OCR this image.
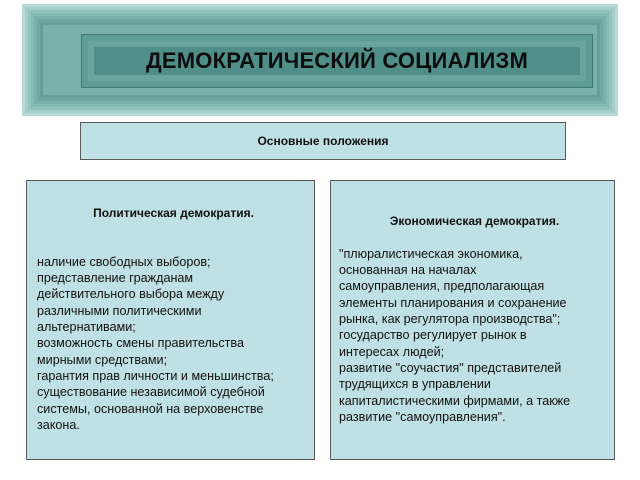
ДЕМОКРАТИЧЕСКИЙ СОЦИАЛИЗМ
Основные положения

Политическая демократия.

наличие свободных выборов;
представление гражданам
действительного выбора между
различными политическими
альтернативами;
возможность смены правительства
мирными средствами;
гарантия прав личности и меньшинства;
существование независимой судебной
системы, основанной на верховенстве
закона.

Экономическая демократия.

"плюралистическая экономика,
основанная на началах
самоуправления, предполагающая
элементы планирования и сохранение
рынка, как регулятора производства";
государство регулирует рынок в
интересах людей;
развитие "соучастия" представителей
трудящихся в управлении
капиталистическими фирмами, а также
развитие "самоуправления".
